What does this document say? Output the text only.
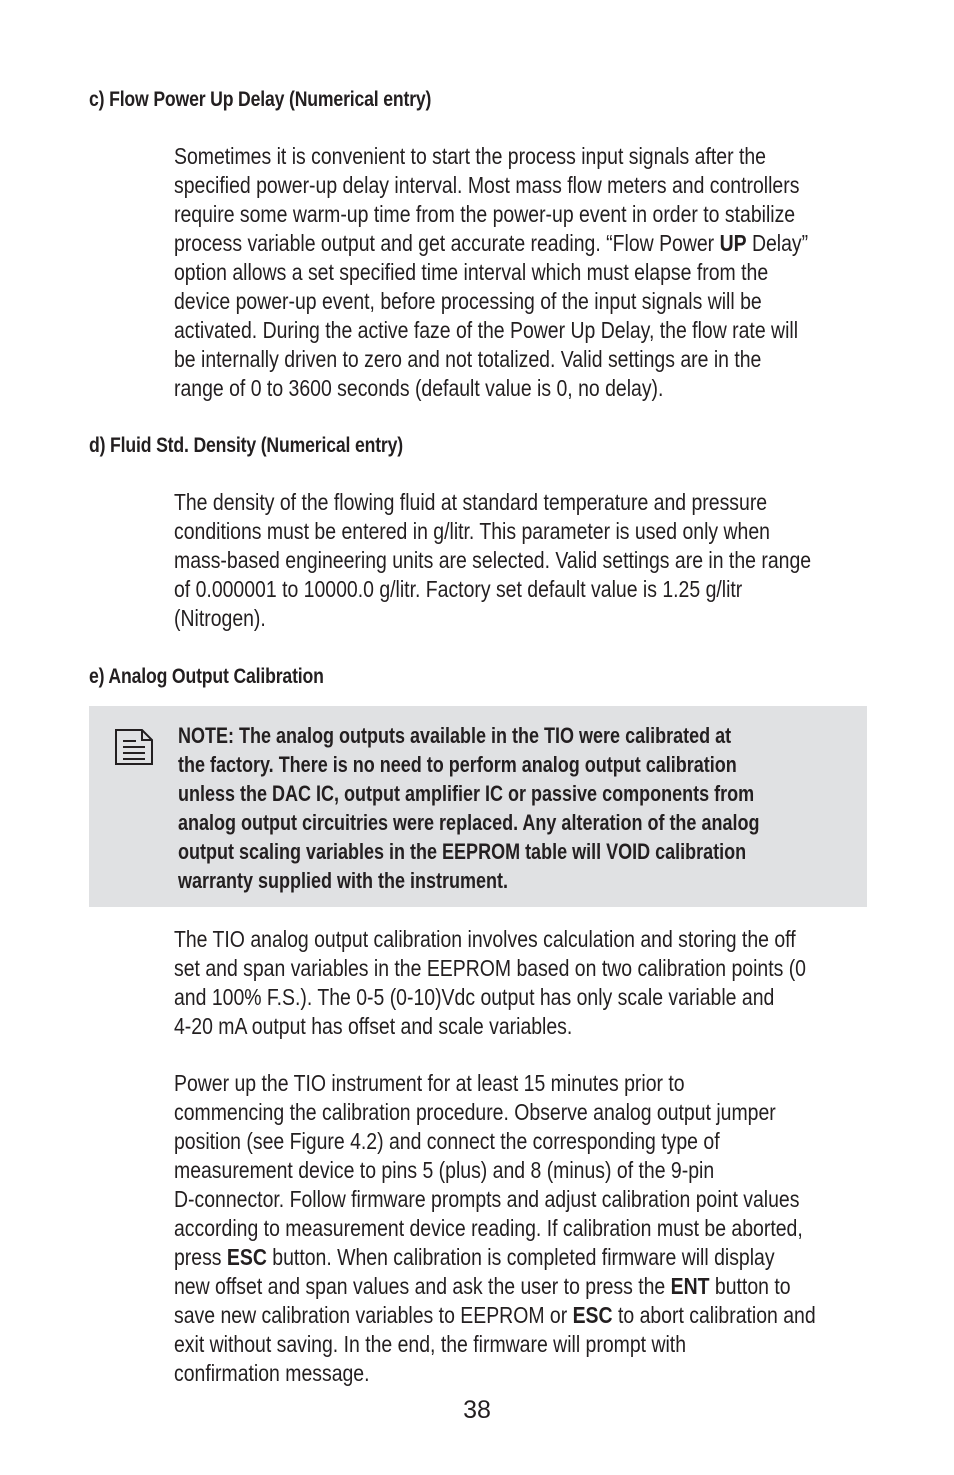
c) Flow Power Up Delay (Numerical entry)
Sometimes it is convenient to start the process input signals after the
specified power-up delay interval. Most mass flow meters and controllers
require some warm-up time from the power-up event in order to stabilize
process variable output and get accurate reading. “Flow Power UP Delay”
option allows a set specified time interval which must elapse from the
device power-up event, before processing of the input signals will be
activated. During the active faze of the Power Up Delay, the flow rate will
be internally driven to zero and not totalized. Valid settings are in the
range of 0 to 3600 seconds (default value is 0, no delay).
d) Fluid Std. Density (Numerical entry)
The density of the flowing fluid at standard temperature and pressure
conditions must be entered in g/litr. This parameter is used only when
mass-based engineering units are selected. Valid settings are in the range
of 0.000001 to 10000.0 g/litr. Factory set default value is 1.25 g/litr
(Nitrogen).
e) Analog Output Calibration
NOTE: The analog outputs available in the TIO were calibrated at
the factory. There is no need to perform analog output calibration
unless the DAC IC, output amplifier IC or passive components from
analog output circuitries were replaced. Any alteration of the analog
output scaling variables in the EEPROM table will VOID calibration
warranty supplied with the instrument.
The TIO analog output calibration involves calculation and storing the off
set and span variables in the EEPROM based on two calibration points (0
and 100% F.S.). The 0-5 (0-10)Vdc output has only scale variable and
4-20 mA output has offset and scale variables.
Power up the TIO instrument for at least 15 minutes prior to
commencing the calibration procedure. Observe analog output jumper
position (see Figure 4.2) and connect the corresponding type of
measurement device to pins 5 (plus) and 8 (minus) of the 9-pin
D-connector. Follow firmware prompts and adjust calibration point values
according to measurement device reading. If calibration must be aborted,
press ESC button. When calibration is completed firmware will display
new offset and span values and ask the user to press the ENT button to
save new calibration variables to EEPROM or ESC to abort calibration and
exit without saving. In the end, the firmware will prompt with
confirmation message.
38
